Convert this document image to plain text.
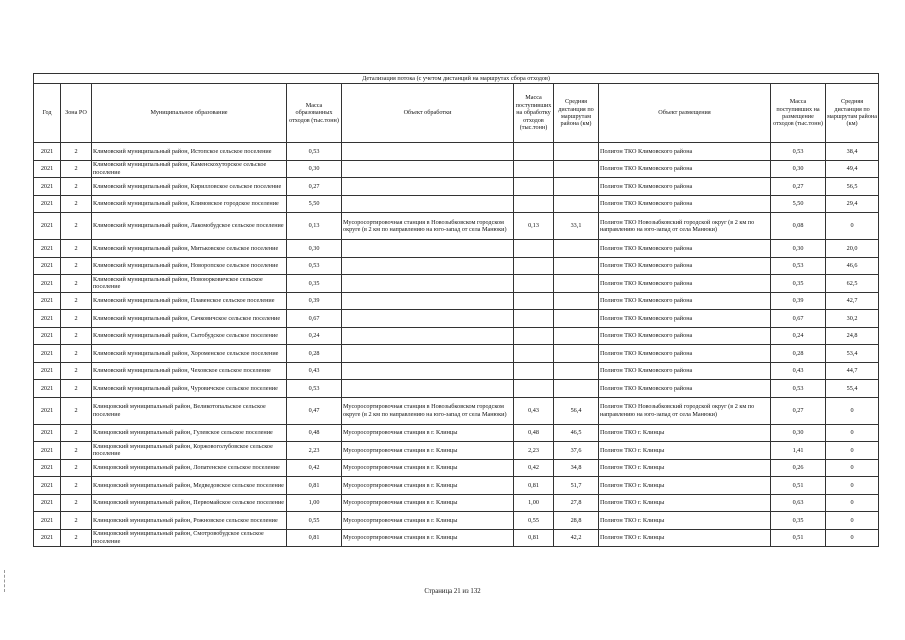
Детализация потока (с учетом дистанций на маршрутах сбора отходов)									
Год	Зона РО	Муниципальное образование	Масса образованных отходов (тыс.тонн)	Объект обработки	Масса поступивших на обработку отходов (тыс.тонн)	Средняя дистанция по маршрутам района (км)	Объект размещения	Масса поступивших на размещение отходов (тыс.тонн)	Средняя дистанция по маршрутам района (км)
2021	2	Климовский муниципальный район, Истопское сельское поселение	0,53				Полигон ТКО Климовского района	0,53	38,4
2021	2	Климовский муниципальный район, Каменскохуторское сельское поселение	0,30				Полигон ТКО Климовского района	0,30	49,4
2021	2	Климовский муниципальный район, Кирилловское сельское поселение	0,27				Полигон ТКО Климовского района	0,27	56,5
2021	2	Климовский муниципальный район, Климовское городское поселение	5,50				Полигон ТКО Климовского района	5,50	29,4
2021	2	Климовский муниципальный район, Лакомобудское сельское поселение	0,13	Мусоросортировочная станция в Новозыбковском городском округе (в 2 км по направлению на юго-запад от села Манюки)	0,13	33,1	Полигон ТКО Новозыбковский городской округ (в 2 км по направлению на юго-запад от села Манюки)	0,08	0
2021	2	Климовский муниципальный район, Митьковское сельское поселение	0,30				Полигон ТКО Климовского района	0,30	20,0
2021	2	Климовский муниципальный район, Новоропское сельское поселение	0,53				Полигон ТКО Климовского района	0,53	46,6
2021	2	Климовский муниципальный район, Новоюрковичское сельское поселение	0,35				Полигон ТКО Климовского района	0,35	62,5
2021	2	Климовский муниципальный район, Плавенское сельское поселение	0,39				Полигон ТКО Климовского района	0,39	42,7
2021	2	Климовский муниципальный район, Сачковичское сельское поселение	0,67				Полигон ТКО Климовского района	0,67	30,2
2021	2	Климовский муниципальный район, Сытобудское сельское поселение	0,24				Полигон ТКО Климовского района	0,24	24,8
2021	2	Климовский муниципальный район, Хороменское сельское поселение	0,28				Полигон ТКО Климовского района	0,28	53,4
2021	2	Климовский муниципальный район, Чеховское сельское поселение	0,43				Полигон ТКО Климовского района	0,43	44,7
2021	2	Климовский муниципальный район, Чуровичское сельское поселение	0,53				Полигон ТКО Климовского района	0,53	55,4
2021	2	Клинцовский муниципальный район, Великотопальское сельское поселение	0,47	Мусоросортировочная станция в Новозыбковском городском округе (в 2 км по направлению на юго-запад от села Манюки)	0,43	56,4	Полигон ТКО Новозыбковский городской округ (в 2 км по направлению на юго-запад от села Манюки)	0,27	0
2021	2	Клинцовский муниципальный район, Гулевское сельское поселение	0,48	Мусоросортировочная станция в г. Клинцы	0,48	46,5	Полигон ТКО г. Клинцы	0,30	0
2021	2	Клинцовский муниципальный район, Коржовоголубовское сельское поселение	2,23	Мусоросортировочная станция в г. Клинцы	2,23	37,6	Полигон ТКО г. Клинцы	1,41	0
2021	2	Клинцовский муниципальный район, Лопатенское сельское поселение	0,42	Мусоросортировочная станция в г. Клинцы	0,42	34,8	Полигон ТКО г. Клинцы	0,26	0
2021	2	Клинцовский муниципальный район, Медведовское сельское поселение	0,81	Мусоросортировочная станция в г. Клинцы	0,81	51,7	Полигон ТКО г. Клинцы	0,51	0
2021	2	Клинцовский муниципальный район, Первомайское сельское поселение	1,00	Мусоросортировочная станция в г. Клинцы	1,00	27,8	Полигон ТКО г. Клинцы	0,63	0
2021	2	Клинцовский муниципальный район, Рожновское сельское поселение	0,55	Мусоросортировочная станция в г. Клинцы	0,55	28,8	Полигон ТКО г. Клинцы	0,35	0
2021	2	Клинцовский муниципальный район, Смотровобудское сельское поселение	0,81	Мусоросортировочная станция в г. Клинцы	0,81	42,2	Полигон ТКО г. Клинцы	0,51	0
Страница 21 из 132
